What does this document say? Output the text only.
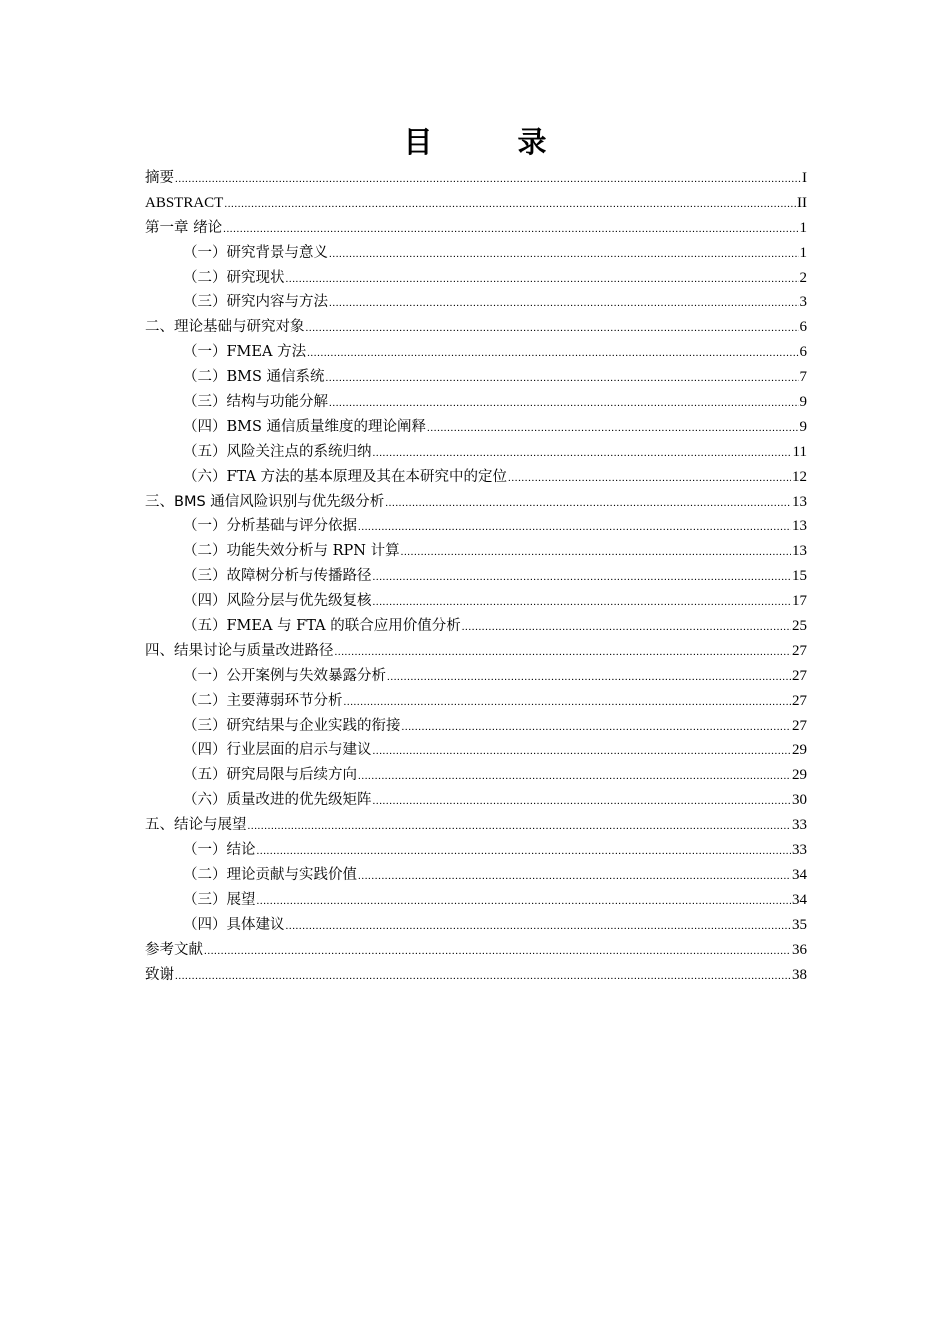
目　录
摘要 .....	I
ABSTRACT .....	II
第一章 绪论 .....	1
（一）研究背景与意义 .....	1
（二）研究现状 .....	2
（三）研究内容与方法 .....	3
二、理论基础与研究对象 .....	6
（一）FMEA 方法 .....	6
（二）BMS 通信系统 .....	7
（三）结构与功能分解 .....	9
（四）BMS 通信质量维度的理论阐释 .....	9
（五）风险关注点的系统归纳 .....	11
（六）FTA 方法的基本原理及其在本研究中的定位 .....	12
三、BMS 通信风险识别与优先级分析 .....	13
（一）分析基础与评分依据 .....	13
（二）功能失效分析与 RPN 计算 .....	13
（三）故障树分析与传播路径 .....	15
（四）风险分层与优先级复核 .....	17
（五）FMEA 与 FTA 的联合应用价值分析 .....	25
四、结果讨论与质量改进路径 .....	27
（一）公开案例与失效暴露分析 .....	27
（二）主要薄弱环节分析 .....	27
（三）研究结果与企业实践的衔接 .....	27
（四）行业层面的启示与建议 .....	29
（五）研究局限与后续方向 .....	29
（六）质量改进的优先级矩阵 .....	30
五、结论与展望 .....	33
（一）结论 .....	33
（二）理论贡献与实践价值 .....	34
（三）展望 .....	34
（四）具体建议 .....	35
参考文献 .....	36
致谢 .....	38
